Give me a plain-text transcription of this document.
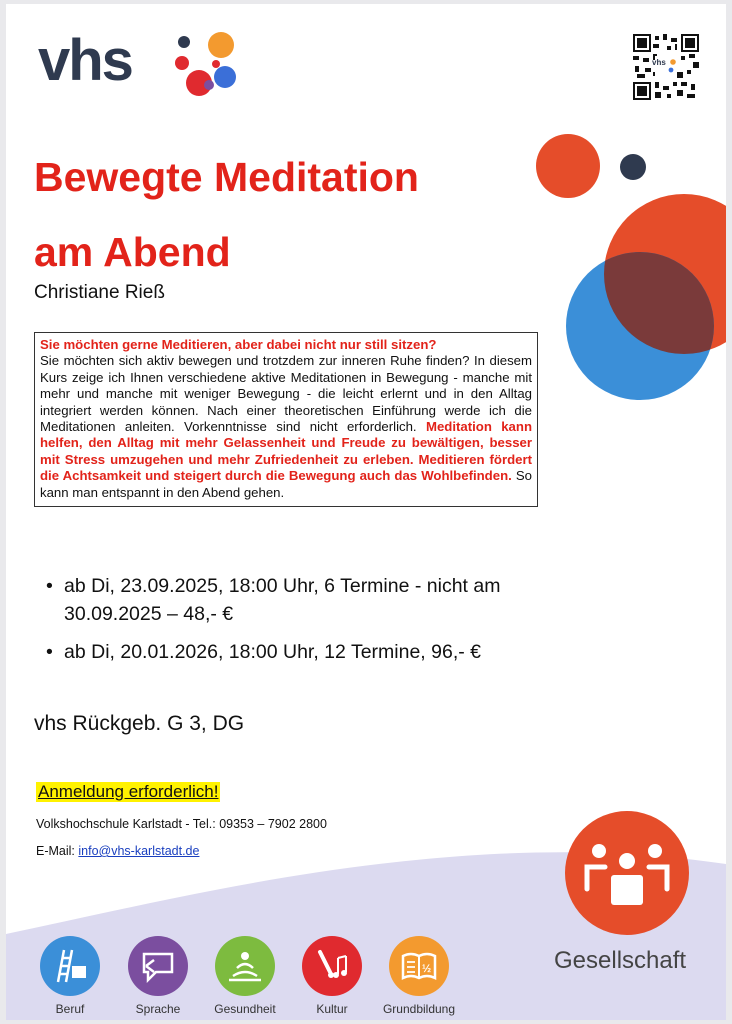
vhs	vhs
Bewegte Meditation
am Abend
Christiane Rieß
Sie möchten gerne Meditieren, aber dabei nicht nur still sitzen?
Sie möchten sich aktiv bewegen und trotzdem zur inneren Ruhe finden? In diesem Kurs zeige ich Ihnen verschiedene aktive Meditationen in Bewegung - manche mit mehr und manche mit weniger Bewegung - die leicht erlernt und in den Alltag integriert werden können. Nach einer theoretischen Einführung werde ich die Meditationen anleiten. Vorkenntnisse sind nicht erforderlich. Meditation kann helfen, den Alltag mit mehr Gelassenheit und Freude zu bewältigen, besser mit Stress umzugehen und mehr Zufriedenheit zu erleben. Meditieren fördert die Achtsamkeit und steigert durch die Bewegung auch das Wohlbefinden. So kann man entspannt in den Abend gehen.
• ab Di, 23.09.2025, 18:00 Uhr, 6 Termine - nicht am 30.09.2025 – 48,- €
• ab Di, 20.01.2026, 18:00 Uhr, 12 Termine, 96,- €
vhs Rückgeb. G 3, DG
Anmeldung erforderlich!
Volkshochschule Karlstadt - Tel.: 09353 – 7902 2800
E-Mail: info@vhs-karlstadt.de
Gesellschaft
Beruf	Sprache	Gesundheit	Kultur
½
Grundbildung
